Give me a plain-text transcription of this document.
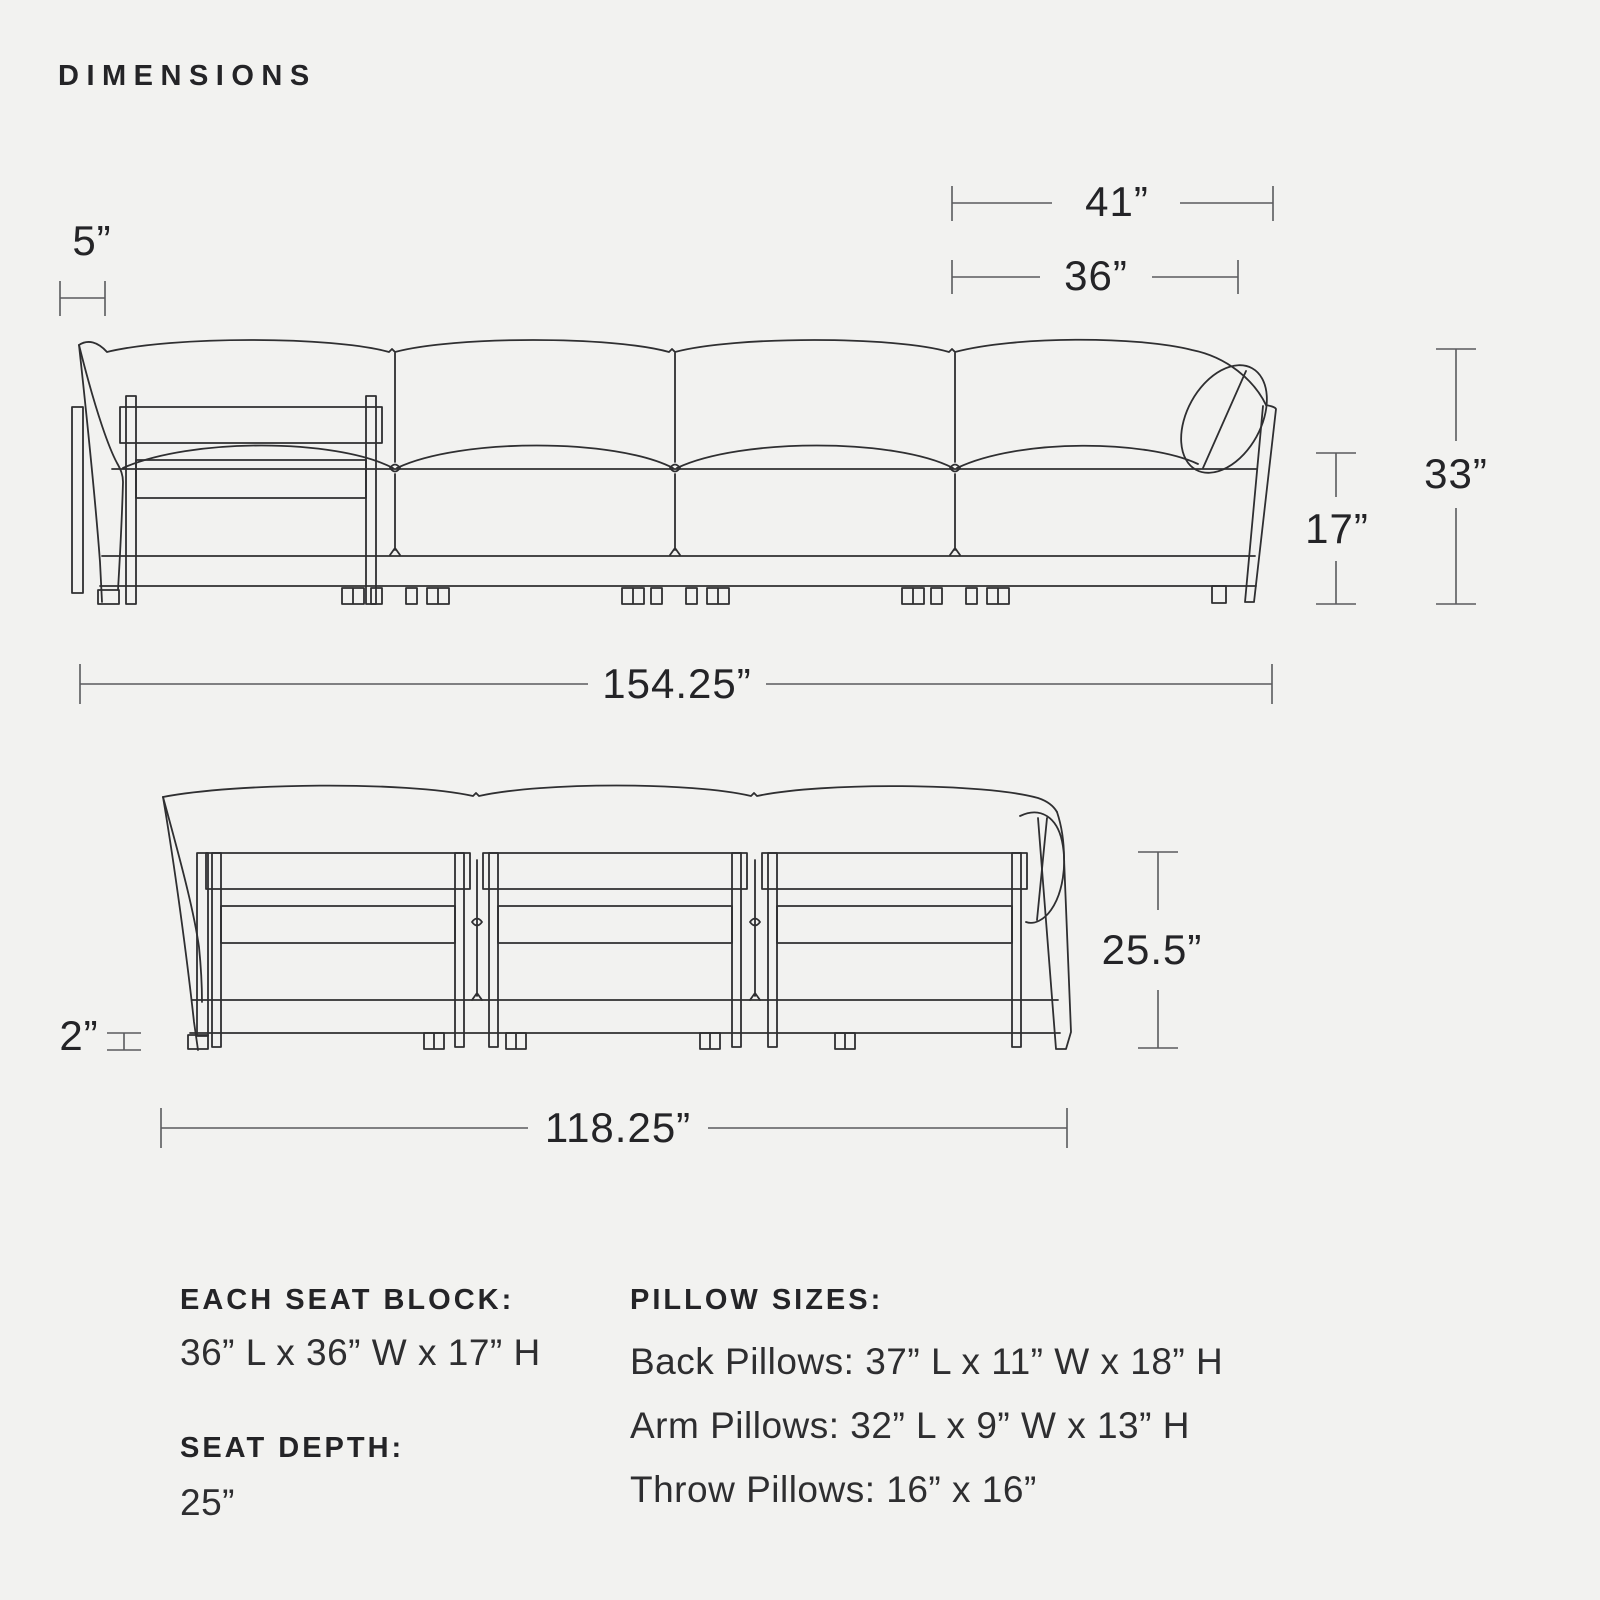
DIMENSIONS
5”
41”
36”
17”
33”
154.25”
2”
25.5”
118.25”
EACH SEAT BLOCK:
36” L x 36” W x 17” H
SEAT DEPTH:
25”
PILLOW SIZES:
Back Pillows: 37” L x 11” W x 18” H
Arm Pillows: 32” L x 9” W x 13” H
Throw Pillows: 16” x 16”
